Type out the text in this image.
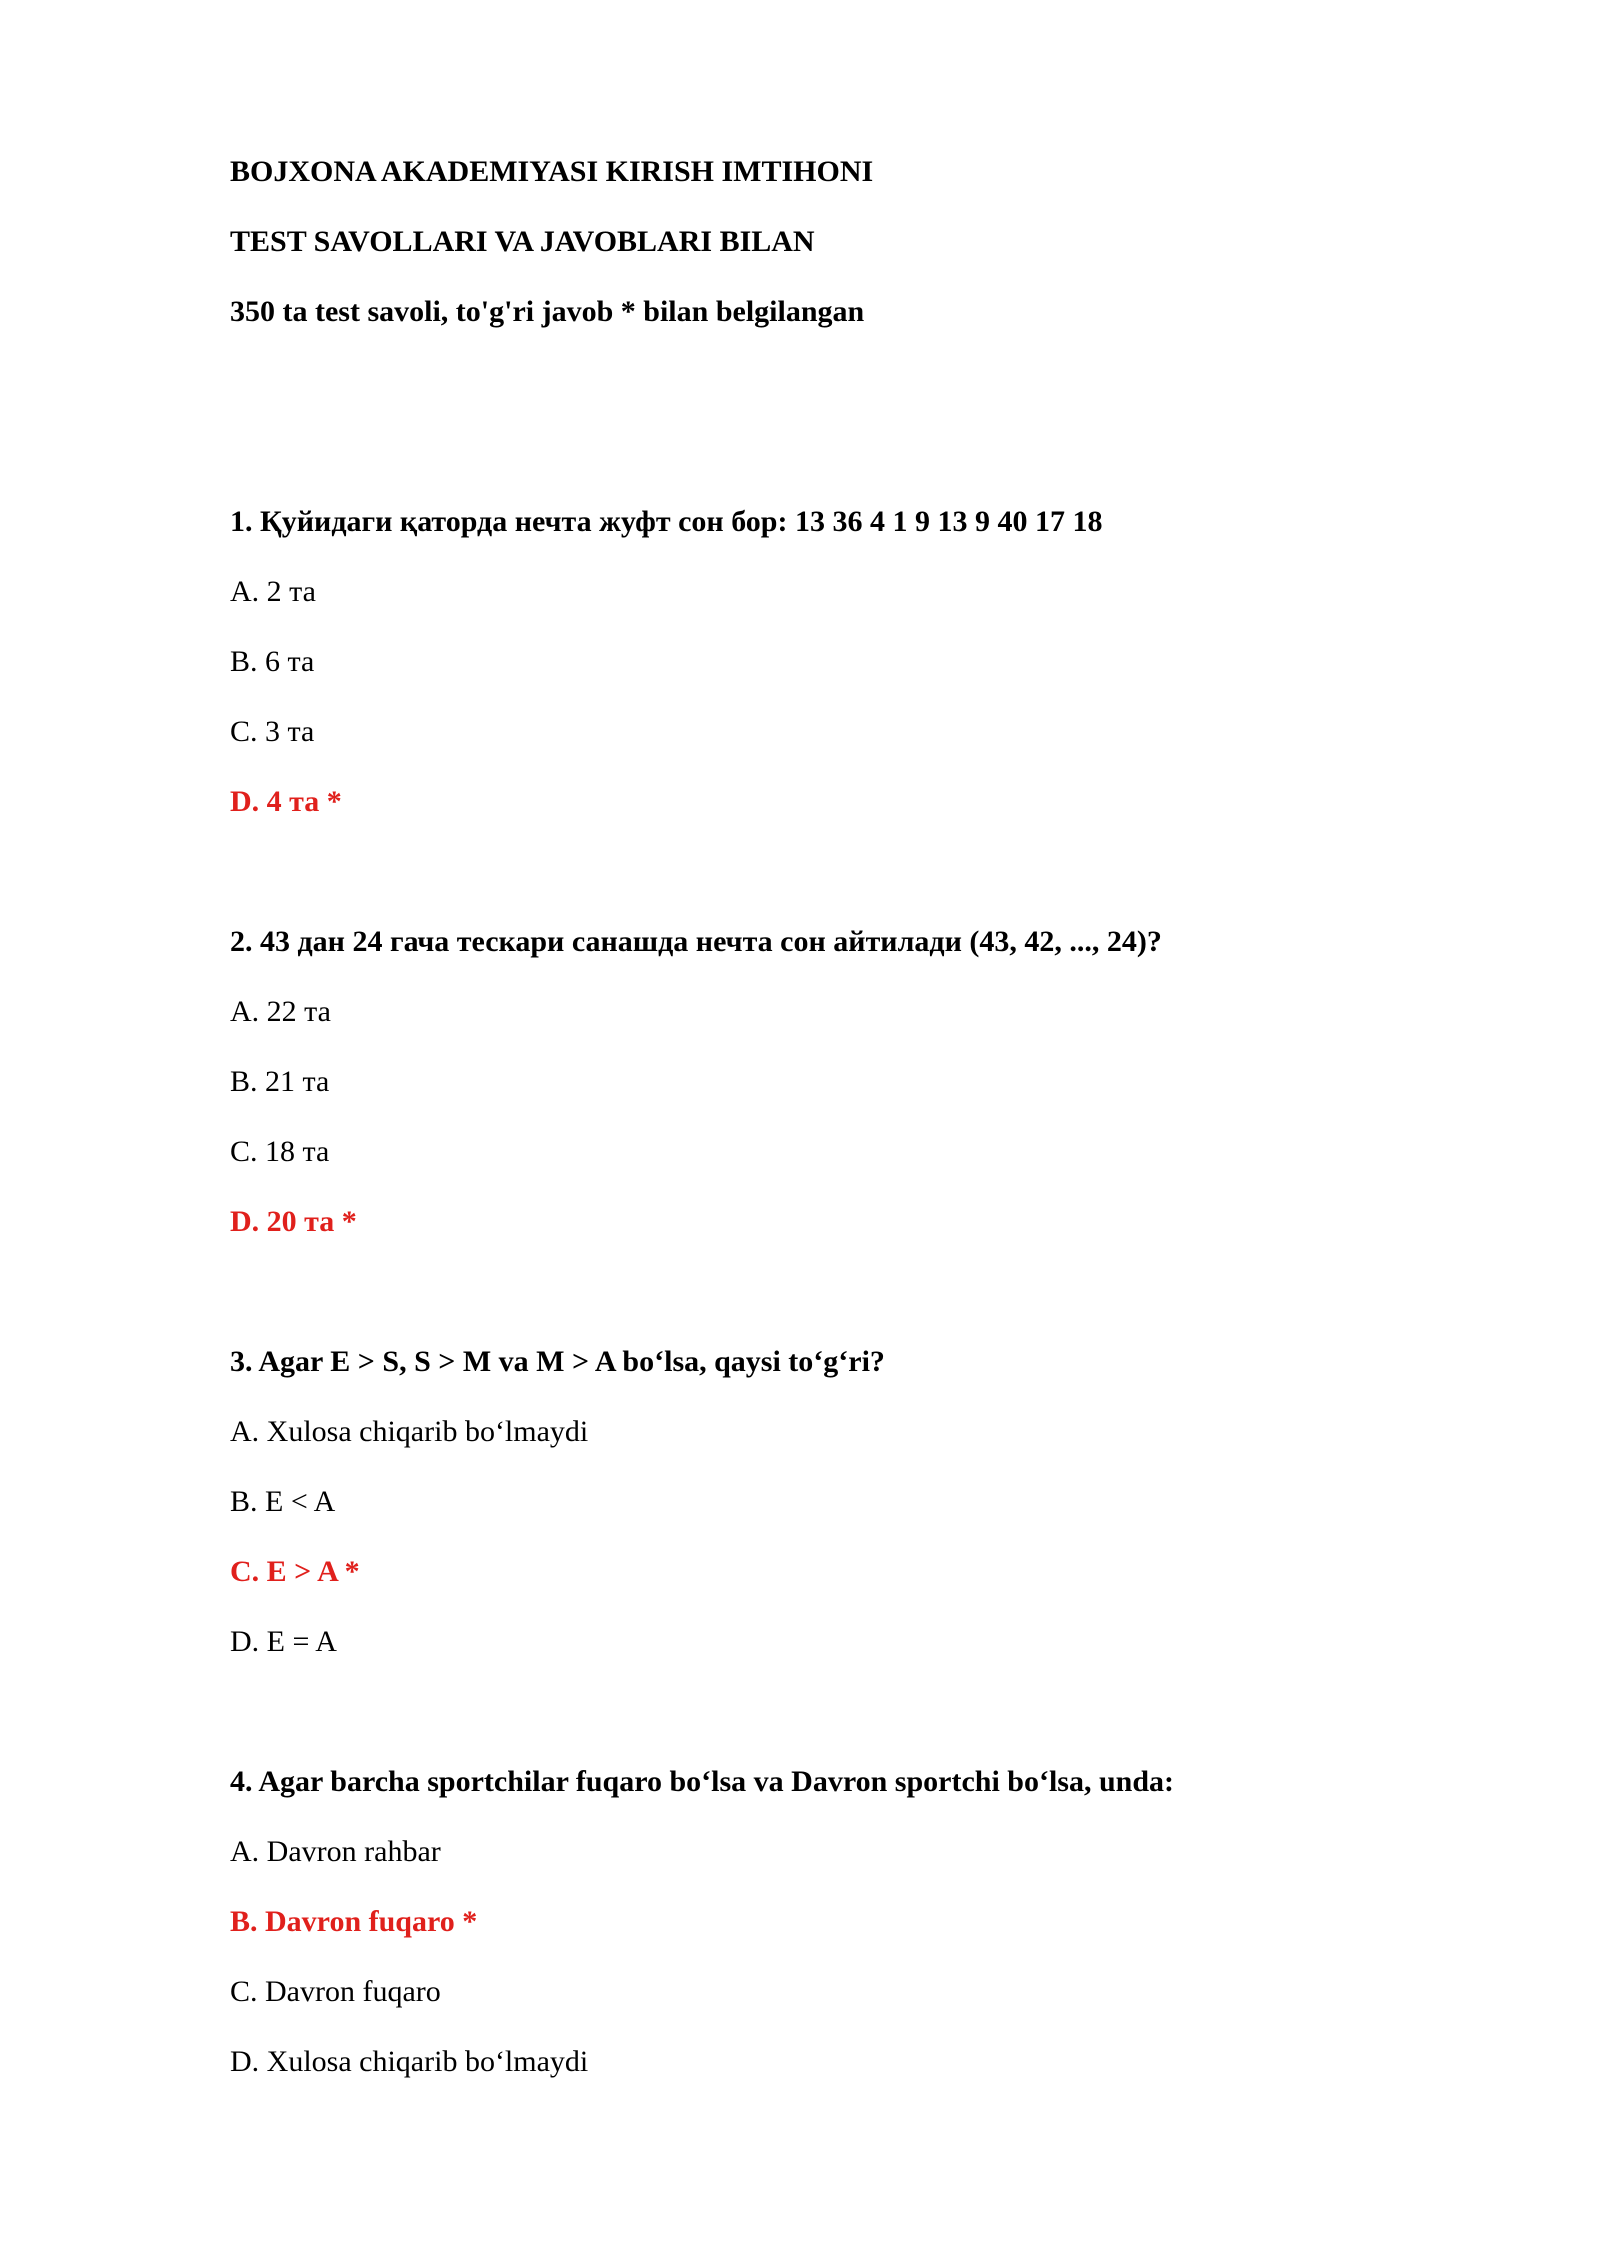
BOJXONA AKADEMIYASI KIRISH IMTIHONI

TEST SAVOLLARI VA JAVOBLARI BILAN

350 ta test savoli, to'g'ri javob * bilan belgilangan

1. Қуйидаги қаторда нечта жуфт сон бор: 13 36 4 1 9 13 9 40 17 18

A. 2 та

B. 6 та

C. 3 та

D. 4 та *

2. 43 дан 24 гача тескари санашда нечта сон айтилади (43, 42, ..., 24)?

A. 22 та

B. 21 та

C. 18 та

D. 20 та *

3. Agar E > S, S > M va M > A bo‘lsa, qaysi to‘g‘ri?

A. Xulosa chiqarib bo‘lmaydi

B. E < A

C. E > A *

D. E = A

4. Agar barcha sportchilar fuqaro bo‘lsa va Davron sportchi bo‘lsa, unda:

A. Davron rahbar

B. Davron fuqaro *

C. Davron fuqaro

D. Xulosa chiqarib bo‘lmaydi
